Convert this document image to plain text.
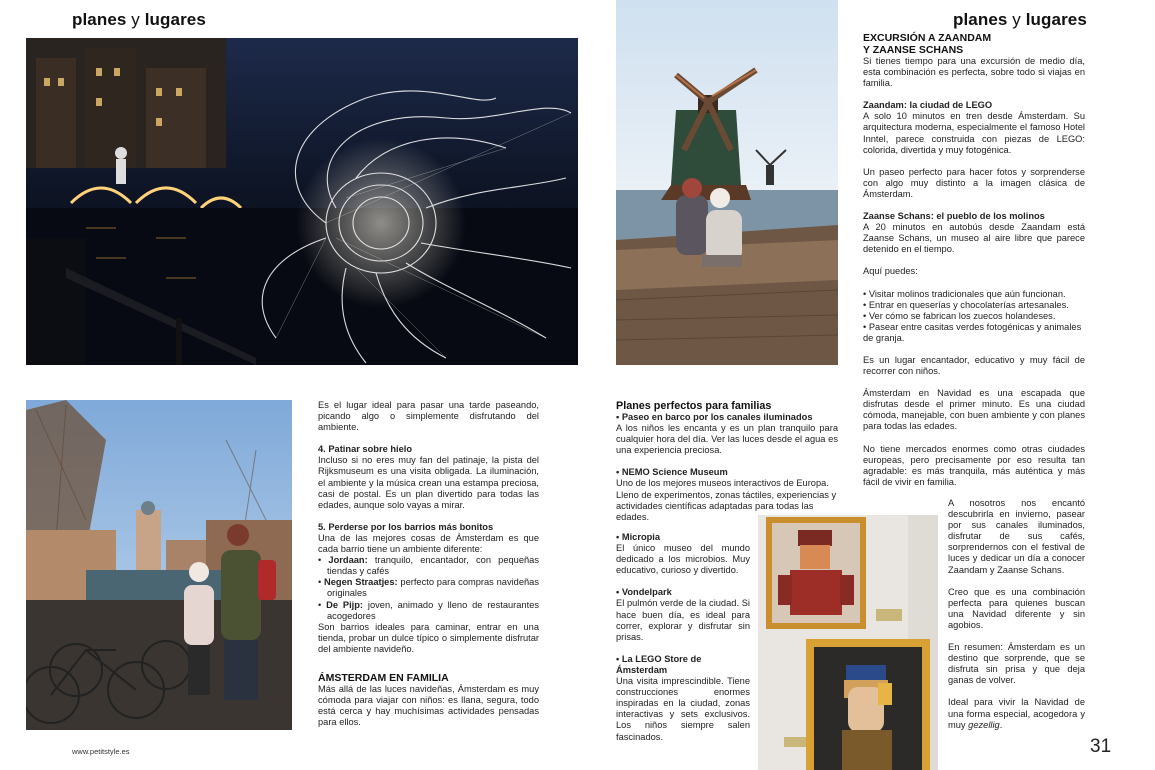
planes y lugares	planes y lugares

Es el lugar ideal para pasar una tarde paseando, picando algo o simplemente disfrutando del ambiente.

4. Patinar sobre hielo

Incluso si no eres muy fan del patinaje, la pista del Rijksmuseum es una visita obligada. La iluminación, el ambiente y la música crean una estampa preciosa, casi de postal. Es un plan divertido para todas las edades, aunque solo vayas a mirar.

5. Perderse por los barrios más bonitos

Una de las mejores cosas de Ámsterdam es que cada barrio tiene un ambiente diferente:

• Jordaan: tranquilo, encantador, con pequeñas tiendas y cafés

• Negen Straatjes: perfecto para compras navideñas originales

• De Pijp: joven, animado y lleno de restaurantes acogedores

Son barrios ideales para caminar, entrar en una tienda, probar un dulce típico o simplemente disfrutar del ambiente navideño.

ÁMSTERDAM EN FAMILIA

Más allá de las luces navideñas, Ámsterdam es muy cómoda para viajar con niños: es llana, segura, todo está cerca y hay muchísimas actividades pensadas para ellos.

Planes perfectos para familias

• Paseo en barco por los canales iluminados

A los niños les encanta y es un plan tranquilo para cualquier hora del día. Ver las luces desde el agua es una experiencia preciosa.

• NEMO Science Museum

Uno de los mejores museos interactivos de Europa. Lleno de experimentos, zonas táctiles, experiencias y actividades científicas adaptadas para todas las edades.

• Micropia

El único museo del mundo dedicado a los microbios. Muy educativo, curioso y divertido.

• Vondelpark

El pulmón verde de la ciudad. Si hace buen día, es ideal para correr, explorar y disfrutar sin prisas.

• La LEGO Store de Ámsterdam

Una visita imprescindible. Tiene construcciones enormes inspiradas en la ciudad, zonas interactivas y sets exclusivos. Los niños siempre salen fascinados.

EXCURSIÓN A ZAANDAM

Y ZAANSE SCHANS

Si tienes tiempo para una excursión de medio día, esta combinación es perfecta, sobre todo si viajas en familia.

Zaandam: la ciudad de LEGO

A solo 10 minutos en tren desde Ámsterdam. Su arquitectura moderna, especialmente el famoso Hotel Inntel, parece construida con piezas de LEGO: colorida, divertida y muy fotogénica.

Un paseo perfecto para hacer fotos y sorprenderse con algo muy distinto a la imagen clásica de Ámsterdam.

Zaanse Schans: el pueblo de los molinos

A 20 minutos en autobús desde Zaandam está Zaanse Schans, un museo al aire libre que parece detenido en el tiempo.

Aquí puedes:

• Visitar molinos tradicionales que aún funcionan.

• Entrar en queserías y chocolaterías artesanales.

• Ver cómo se fabrican los zuecos holandeses.

• Pasear entre casitas verdes fotogénicas y animales de granja.

Es un lugar encantador, educativo y muy fácil de recorrer con niños.

Ámsterdam en Navidad es una escapada que disfrutas desde el primer minuto. Es una ciudad cómoda, manejable, con buen ambiente y con planes para todas las edades.

No tiene mercados enormes como otras ciudades europeas, pero precisamente por eso resulta tan agradable: es más tranquila, más auténtica y más fácil de vivir en familia.

A nosotros nos encantó descubrirla en invierno, pasear por sus canales iluminados, disfrutar de sus cafés, sorprendernos con el festival de luces y dedicar un día a conocer Zaandam y Zaanse Schans.

Creo que es una combinación perfecta para quienes buscan una Navidad diferente y sin agobios.

En resumen: Ámsterdam es un destino que sorprende, que se disfruta sin prisa y que deja ganas de volver.

Ideal para vivir la Navidad de una forma especial, acogedora y muy gezellig.

www.petitstyle.es	31
